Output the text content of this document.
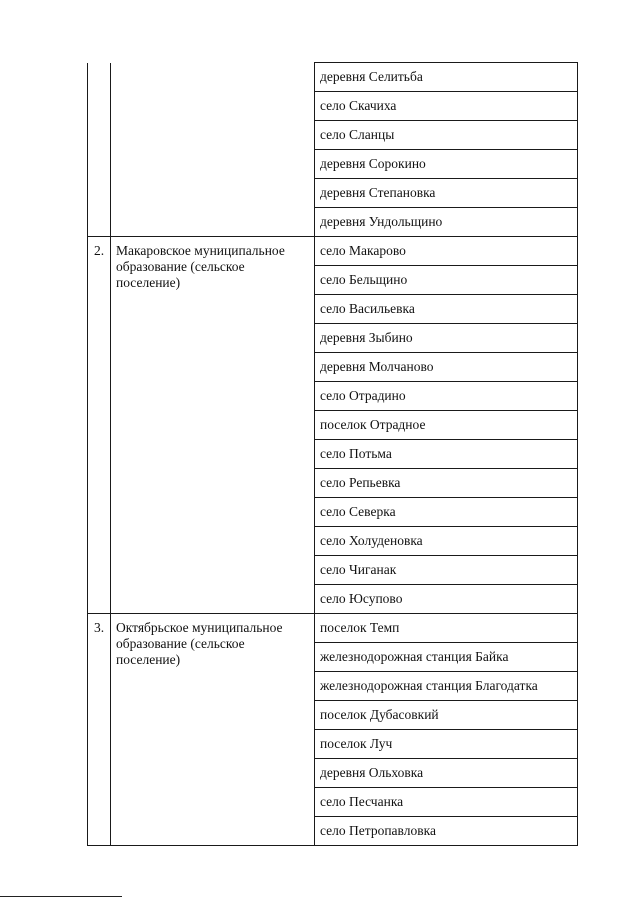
		деревня Селитьба
		село Скачиха
		село Сланцы
		деревня Сорокино
		деревня Степановка
		деревня Ундольщино
2.	Макаровское муниципальное
образование (сельское
поселение)	село Макарово
		село Бельщино
		село Васильевка
		деревня Зыбино
		деревня Молчаново
		село Отрадино
		поселок Отрадное
		село Потьма
		село Репьевка
		село Северка
		село Холуденовка
		село Чиганак
		село Юсупово
3.	Октябрьское муниципальное
образование (сельское
поселение)	поселок Темп
		железнодорожная станция Байка
		железнодорожная станция Благодатка
		поселок Дубасовкий
		поселок Луч
		деревня Ольховка
		село Песчанка
		село Петропавловка
